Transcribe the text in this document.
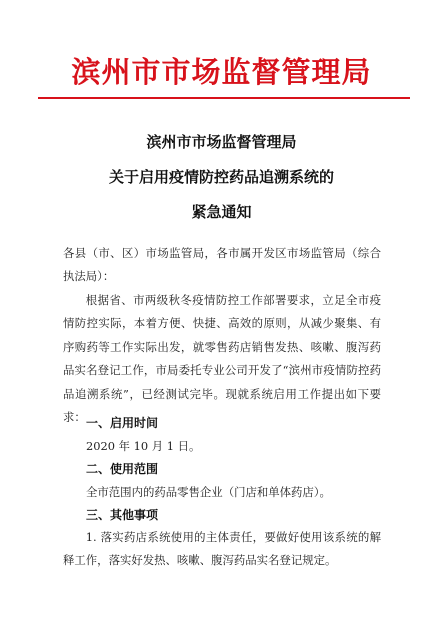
滨州市市场监督管理局
滨州市市场监督管理局
关于启用疫情防控药品追溯系统的
紧急通知
各县（市、区）市场监管局，各市属开发区市场监管局（综合执法局）：
根据省、市两级秋冬疫情防控工作部署要求，立足全市疫情防控实际，本着方便、快捷、高效的原则，从减少聚集、有序购药等工作实际出发，就零售药店销售发热、咳嗽、腹泻药品实名登记工作，市局委托专业公司开发了“滨州市疫情防控药品追溯系统”，已经测试完毕。现就系统启用工作提出如下要求： 一、启用时间
2020 年 10 月 1 日。
二、使用范围
全市范围内的药品零售企业（门店和单体药店）。
三、其他事项
1. 落实药店系统使用的主体责任，要做好使用该系统的解释工作，落实好发热、咳嗽、腹泻药品实名登记规定。
